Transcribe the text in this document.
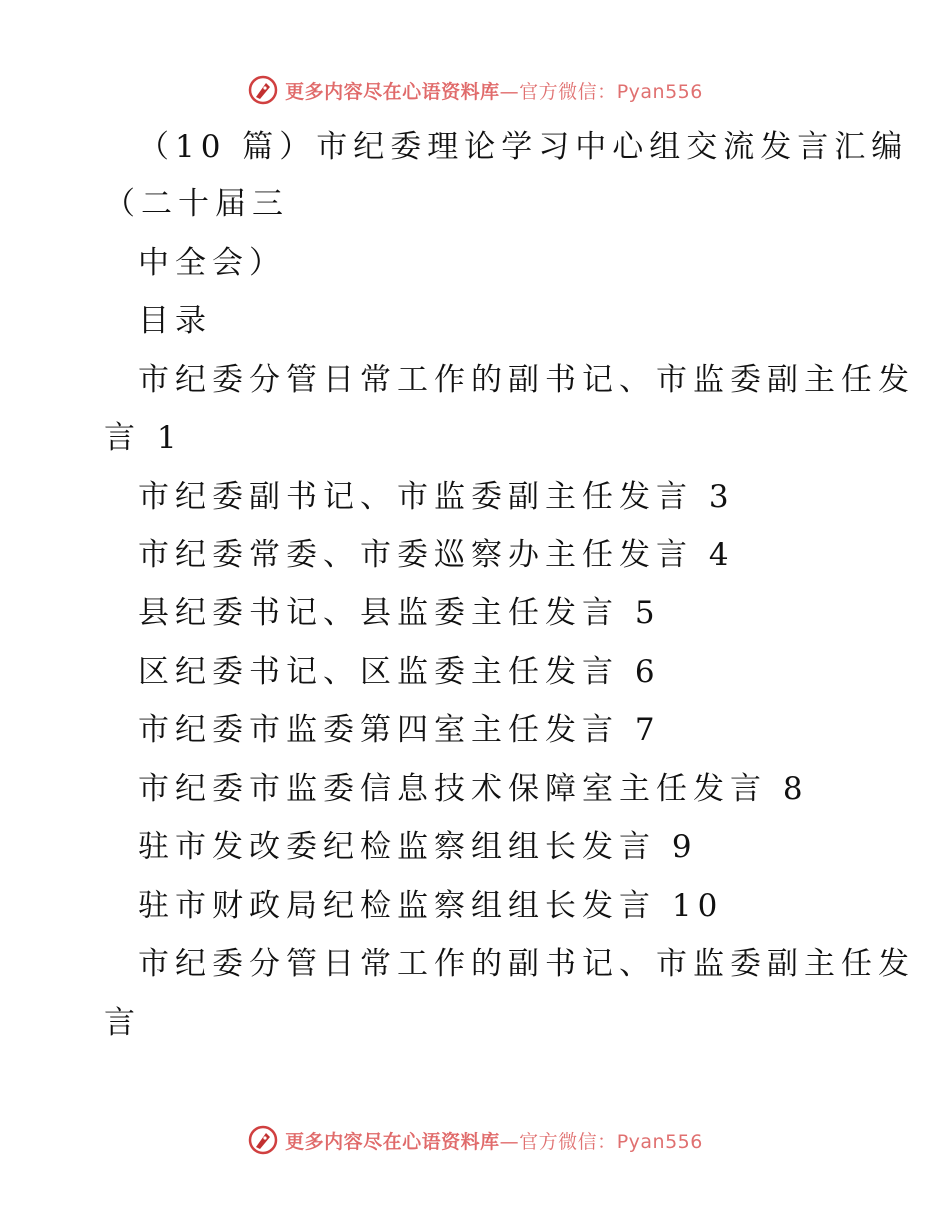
更多内容尽在心语资料库—官方微信：Pyan556
（10 篇）市纪委理论学习中心组交流发言汇编
（二十届三
中全会）
目录
市纪委分管日常工作的副书记、市监委副主任发
言 1
市纪委副书记、市监委副主任发言 3
市纪委常委、市委巡察办主任发言 4
县纪委书记、县监委主任发言 5
区纪委书记、区监委主任发言 6
市纪委市监委第四室主任发言 7
市纪委市监委信息技术保障室主任发言 8
驻市发改委纪检监察组组长发言 9
驻市财政局纪检监察组组长发言 10
市纪委分管日常工作的副书记、市监委副主任发
言
更多内容尽在心语资料库—官方微信：Pyan556
